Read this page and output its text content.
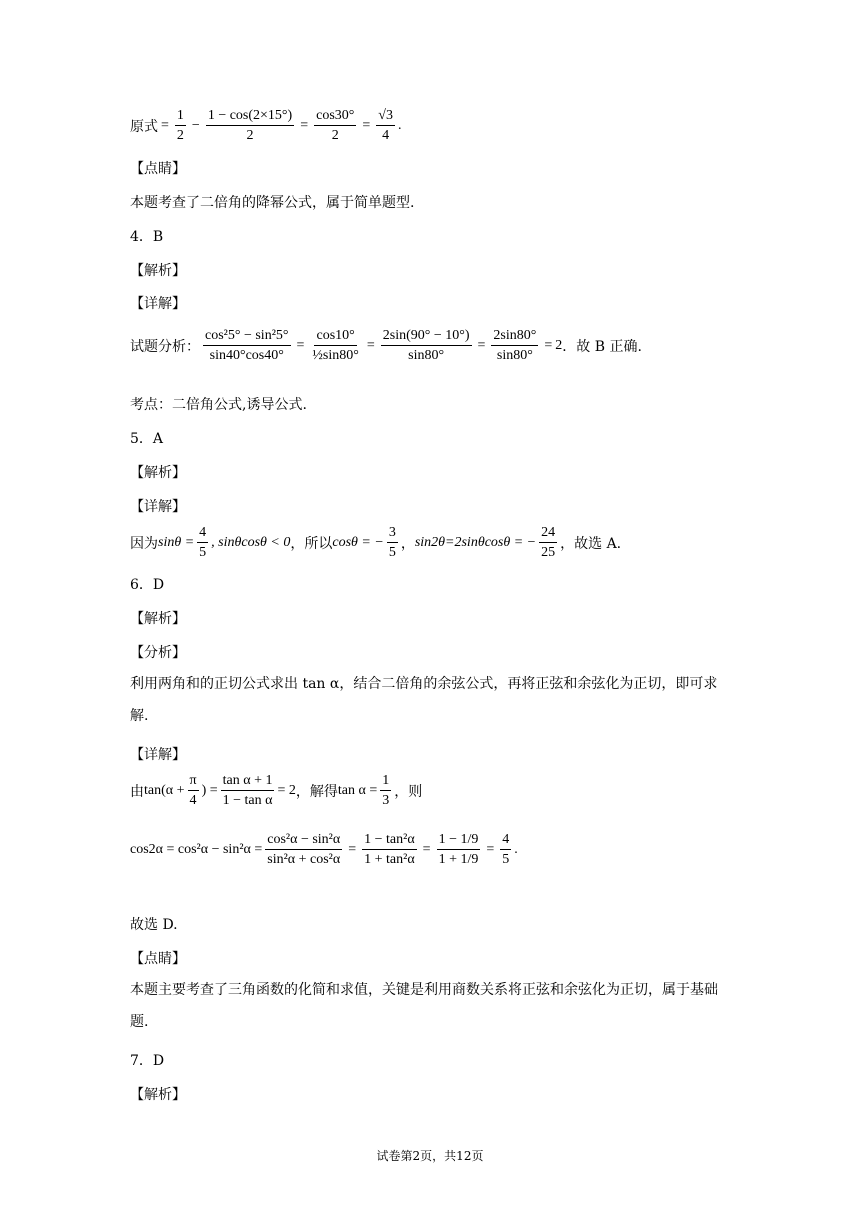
原式 = $\frac{1}{2} - \frac{1 - \cos(2\times 15^\circ)}{2} = \frac{\cos 30^\circ}{2} = \frac{√3}{4}$ .
【点睛】
本题考查了二倍角的降幂公式，属于简单题型.
4．B
【解析】
【详解】
试题分析： $\frac{\text{cos²5° − sin²5°}}{\sin 40^\circ\cos 40^\circ} = \frac{\cos 10^\circ}{\text{½sin80°}} = \frac{2\sin(90^\circ - 10^\circ)}{\sin 80^\circ} = \frac{2\sin 80^\circ}{\sin 80^\circ} = 2$ ．故 B 正确.
考点：二倍角公式,诱导公式.
5．A
【解析】
【详解】
因为 $\sin\theta = \frac{4}{5}$ , sinθcosθ < 0 ，所以 cosθ = − $\frac{3}{5}$ ， sin2θ=2sinθcosθ = − $\frac{24}{25}$ ，故选 A.
6．D
【解析】
【分析】
利用两角和的正切公式求出 tan α，结合二倍角的余弦公式，再将正弦和余弦化为正切，即可求解.
【详解】
由 $\tan(\alpha + \frac{\pi}{4}$ ) = $\frac{\text{tan α + 1}}{\text{1 − tan α}} = 2$ ，解得 $\tan \alpha = \frac{1}{3}$ ，则
$\cos 2\alpha = \cos^2\alpha - \sin^2\alpha = \frac{\text{cos²α − sin²α}}{\text{sin²α + cos²α}} = \frac{\text{1 − tan²α}}{\text{1 + tan²α}} = \frac{1 - 1/9}{1 + 1/9} = \frac{4}{5}$ .
故选 D.
【点睛】
本题主要考查了三角函数的化简和求值，关键是利用商数关系将正弦和余弦化为正切，属于基础题.
7．D
【解析】
试卷第2页，共12页
